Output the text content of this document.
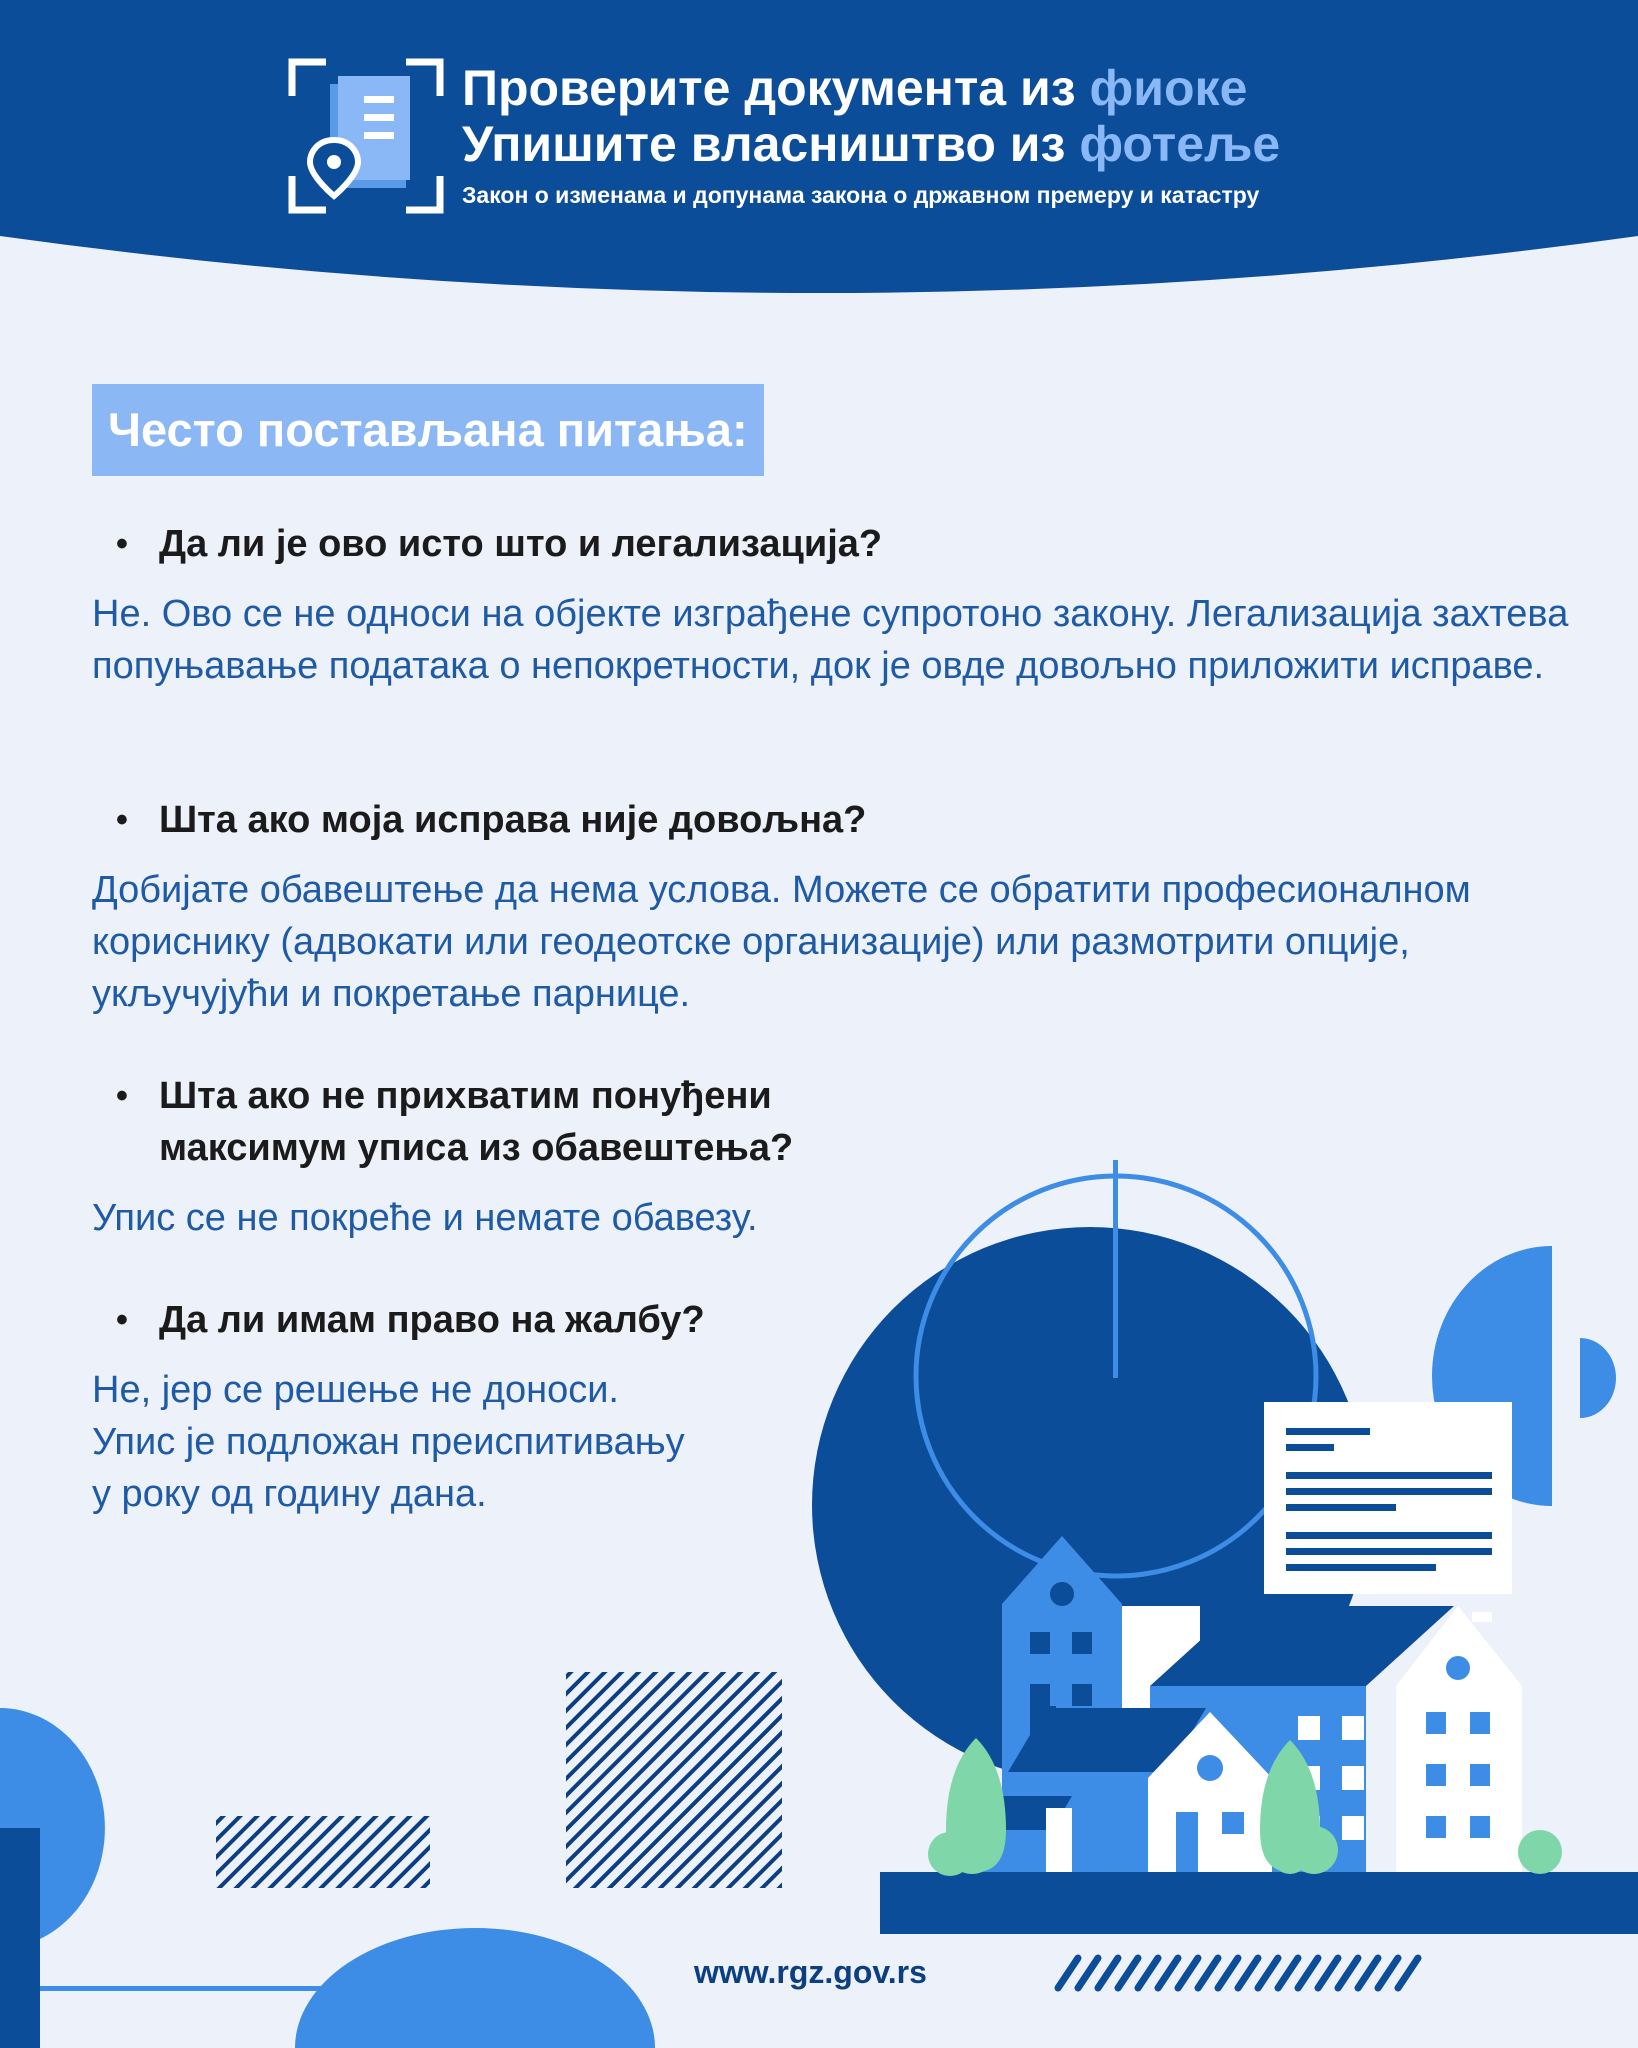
Проверите документа из фиоке
Упишите власништво из фотеље
Закон о изменама и допунама закона о државном премеру и катастру
Често постављана питања:
• Да ли је ово исто што и легализација?
Не. Ово се не односи на објекте изграђене супротоно закону. Легализација захтева попуњавање података о непокретности, док је овде довољно приложити исправе.
• Шта ако моја исправа није довољна?
Добијате обавештење да нема услова. Можете се обратити професионалном кориснику (адвокати или геодеотске организације) или размотрити опције, укључујући и покретање парнице.
• Шта ако не прихватим понуђени максимум уписа из обавештења?
Упис се не покреће и немате обавезу.
• Да ли имам право на жалбу?
Не, јер се решење не доноси. Упис је подложан преиспитивању у року од годину дана.
www.rgz.gov.rs
